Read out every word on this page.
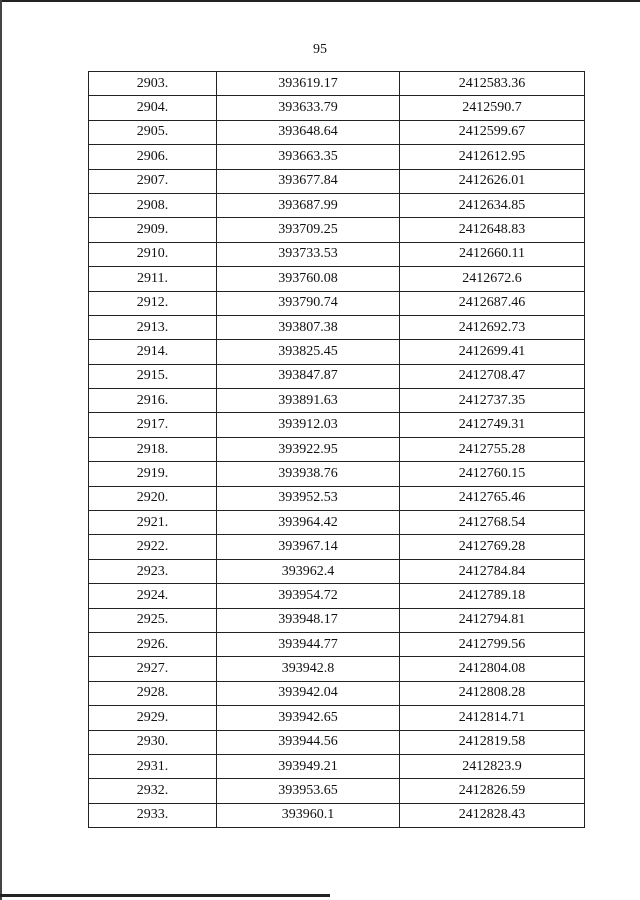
95
2903.	393619.17	2412583.36
2904.	393633.79	2412590.7
2905.	393648.64	2412599.67
2906.	393663.35	2412612.95
2907.	393677.84	2412626.01
2908.	393687.99	2412634.85
2909.	393709.25	2412648.83
2910.	393733.53	2412660.11
2911.	393760.08	2412672.6
2912.	393790.74	2412687.46
2913.	393807.38	2412692.73
2914.	393825.45	2412699.41
2915.	393847.87	2412708.47
2916.	393891.63	2412737.35
2917.	393912.03	2412749.31
2918.	393922.95	2412755.28
2919.	393938.76	2412760.15
2920.	393952.53	2412765.46
2921.	393964.42	2412768.54
2922.	393967.14	2412769.28
2923.	393962.4	2412784.84
2924.	393954.72	2412789.18
2925.	393948.17	2412794.81
2926.	393944.77	2412799.56
2927.	393942.8	2412804.08
2928.	393942.04	2412808.28
2929.	393942.65	2412814.71
2930.	393944.56	2412819.58
2931.	393949.21	2412823.9
2932.	393953.65	2412826.59
2933.	393960.1	2412828.43
